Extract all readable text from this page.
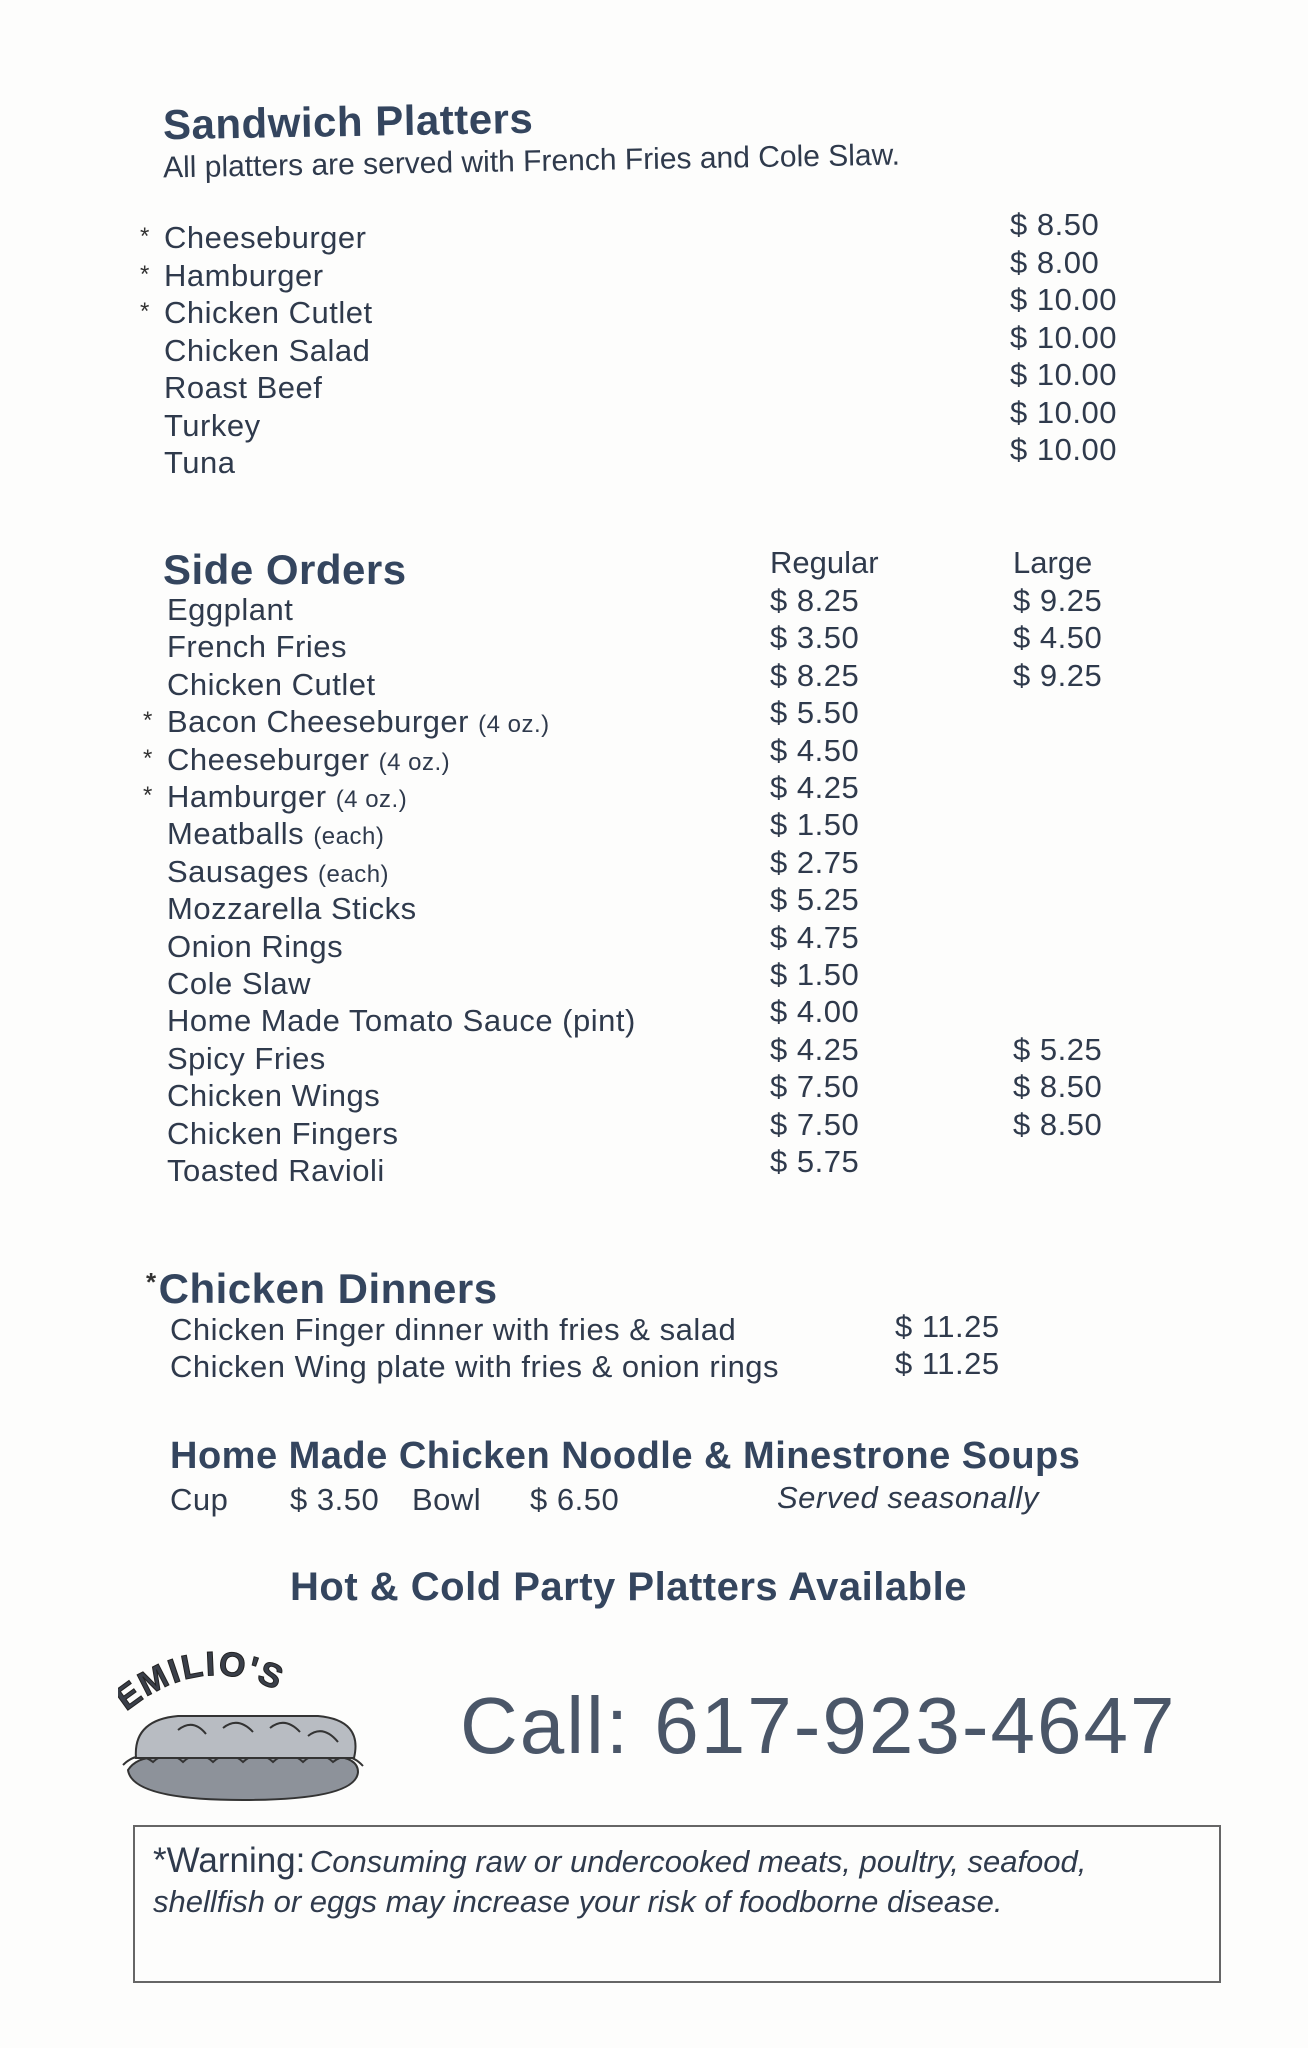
Sandwich Platters
All platters are served with French Fries and Cole Slaw.
* Cheeseburger	$ 8.50
* Hamburger	$ 8.00
* Chicken Cutlet	$ 10.00
Chicken Salad	$ 10.00
Roast Beef	$ 10.00
Turkey	$ 10.00
Tuna	$ 10.00
Side Orders	Regular	Large
Eggplant	$ 8.25	$ 9.25
French Fries	$ 3.50	$ 4.50
Chicken Cutlet	$ 8.25	$ 9.25
* Bacon Cheeseburger (4 oz.)	$ 5.50
* Cheeseburger (4 oz.)	$ 4.50
* Hamburger (4 oz.)	$ 4.25
Meatballs (each)	$ 1.50
Sausages (each)	$ 2.75
Mozzarella Sticks	$ 5.25
Onion Rings	$ 4.75
Cole Slaw	$ 1.50
Home Made Tomato Sauce (pint)	$ 4.00
Spicy Fries	$ 4.25	$ 5.25
Chicken Wings	$ 7.50	$ 8.50
Chicken Fingers	$ 7.50	$ 8.50
Toasted Ravioli	$ 5.75
*Chicken Dinners
Chicken Finger dinner with fries & salad	$ 11.25
Chicken Wing plate with fries & onion rings	$ 11.25
Home Made Chicken Noodle & Minestrone Soups
Cup $ 3.50 Bowl $ 6.50	Served seasonally
Hot & Cold Party Platters Available
MILIO'S
Call: 617-923-4647
*Warning: Consuming raw or undercooked meats, poultry, seafood, shellfish or eggs may increase your risk of foodborne disease.
